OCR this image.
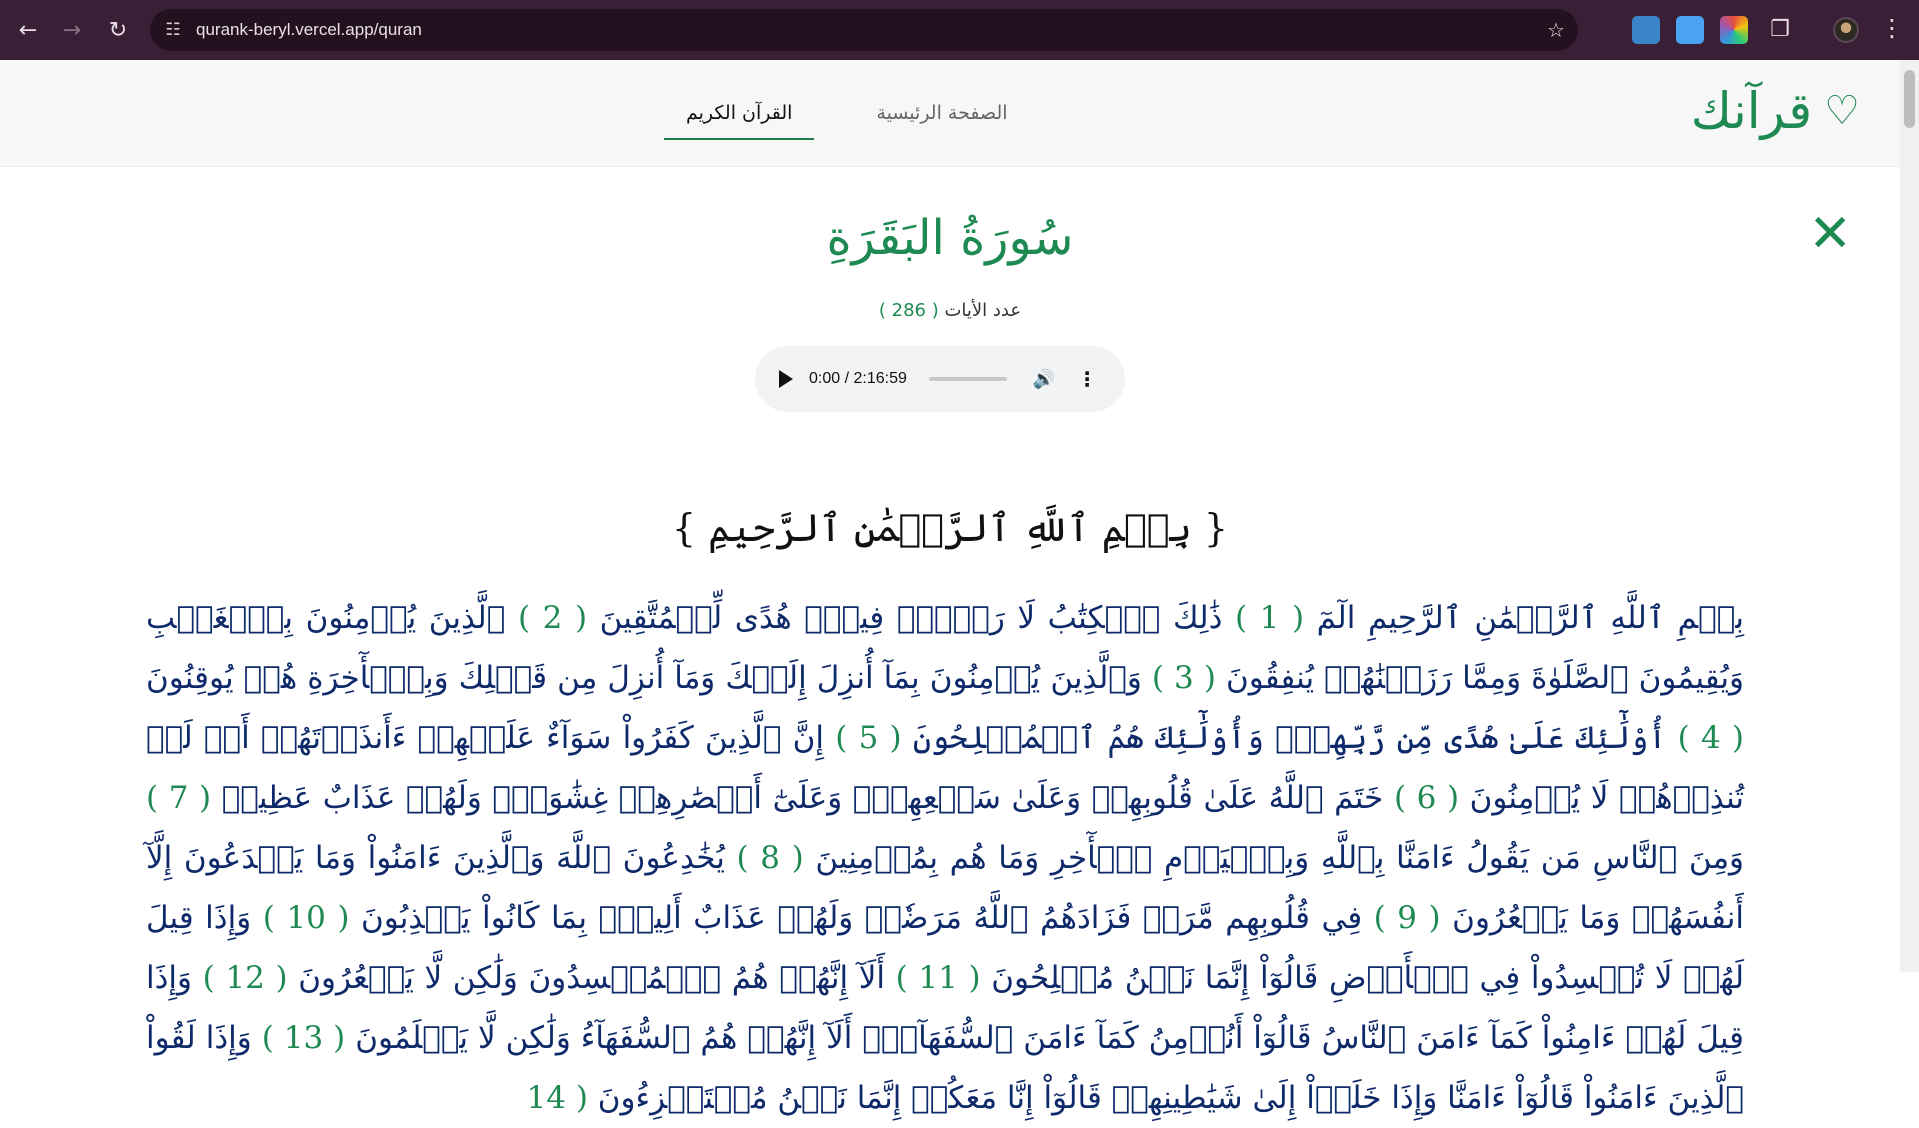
←	→	↻	☷ qurank-beryl.vercel.app/quran	☆	❐	⋮
♡
قرآنك
الصفحة الرئيسية
القرآن الكريم
✕
سُورَةُ البَقَرَةِ
عدد الأيات ( 286 )
0:00 / 2:16:59	🔊 ⋮
{ بِسۡمِ ٱللَّهِ ٱلرَّحۡمَٰنِ ٱلرَّحِيمِ }
بِسۡمِ ٱللَّهِ ٱلرَّحۡمَٰنِ ٱلرَّحِيمِ الٓمٓ ( 1 ) ذَٰلِكَ ٱلۡكِتَٰبُ لَا رَيۡبَۛ فِيهِۛ هُدًى لِّلۡمُتَّقِينَ ( 2 ) ٱلَّذِينَ يُؤۡمِنُونَ بِٱلۡغَيۡبِ وَيُقِيمُونَ ٱلصَّلَوٰةَ وَمِمَّا رَزَقۡنَٰهُمۡ يُنفِقُونَ ( 3 ) وَٱلَّذِينَ يُؤۡمِنُونَ بِمَآ أُنزِلَ إِلَيۡكَ وَمَآ أُنزِلَ مِن قَبۡلِكَ وَبِٱلۡأٓخِرَةِ هُمۡ يُوقِنُونَ ( 4 ) أُوْلَٰٓئِكَ عَلَىٰ هُدًى مِّن رَّبِّهِمۡۖ وَأُوْلَٰٓئِكَ هُمُ ٱلۡمُفۡلِحُونَ ( 5 ) إِنَّ ٱلَّذِينَ كَفَرُواْ سَوَآءٌ عَلَيۡهِمۡ ءَأَنذَرۡتَهُمۡ أَمۡ لَمۡ تُنذِرۡهُمۡ لَا يُؤۡمِنُونَ ( 6 ) خَتَمَ ٱللَّهُ عَلَىٰ قُلُوبِهِمۡ وَعَلَىٰ سَمۡعِهِمۡۖ وَعَلَىٰٓ أَبۡصَٰرِهِمۡ غِشَٰوَةٞۖ وَلَهُمۡ عَذَابٌ عَظِيمٞ ( 7 ) وَمِنَ ٱلنَّاسِ مَن يَقُولُ ءَامَنَّا بِٱللَّهِ وَبِٱلۡيَوۡمِ ٱلۡأٓخِرِ وَمَا هُم بِمُؤۡمِنِينَ ( 8 ) يُخَٰدِعُونَ ٱللَّهَ وَٱلَّذِينَ ءَامَنُواْ وَمَا يَخۡدَعُونَ إِلَّآ أَنفُسَهُمۡ وَمَا يَشۡعُرُونَ ( 9 ) فِي قُلُوبِهِم مَّرَضٞ فَزَادَهُمُ ٱللَّهُ مَرَضٗاۖ وَلَهُمۡ عَذَابٌ أَلِيمُۢ بِمَا كَانُواْ يَكۡذِبُونَ ( 10 ) وَإِذَا قِيلَ لَهُمۡ لَا تُفۡسِدُواْ فِي ٱلۡأَرۡضِ قَالُوٓاْ إِنَّمَا نَحۡنُ مُصۡلِحُونَ ( 11 ) أَلَآ إِنَّهُمۡ هُمُ ٱلۡمُفۡسِدُونَ وَلَٰكِن لَّا يَشۡعُرُونَ ( 12 ) وَإِذَا قِيلَ لَهُمۡ ءَامِنُواْ كَمَآ ءَامَنَ ٱلنَّاسُ قَالُوٓاْ أَنُؤۡمِنُ كَمَآ ءَامَنَ ٱلسُّفَهَآءُۗ أَلَآ إِنَّهُمۡ هُمُ ٱلسُّفَهَآءُ وَلَٰكِن لَّا يَعۡلَمُونَ ( 13 ) وَإِذَا لَقُواْ ٱلَّذِينَ ءَامَنُواْ قَالُوٓاْ ءَامَنَّا وَإِذَا خَلَوۡاْ إِلَىٰ شَيَٰطِينِهِمۡ قَالُوٓاْ إِنَّا مَعَكُمۡ إِنَّمَا نَحۡنُ مُسۡتَهۡزِءُونَ ( 14
